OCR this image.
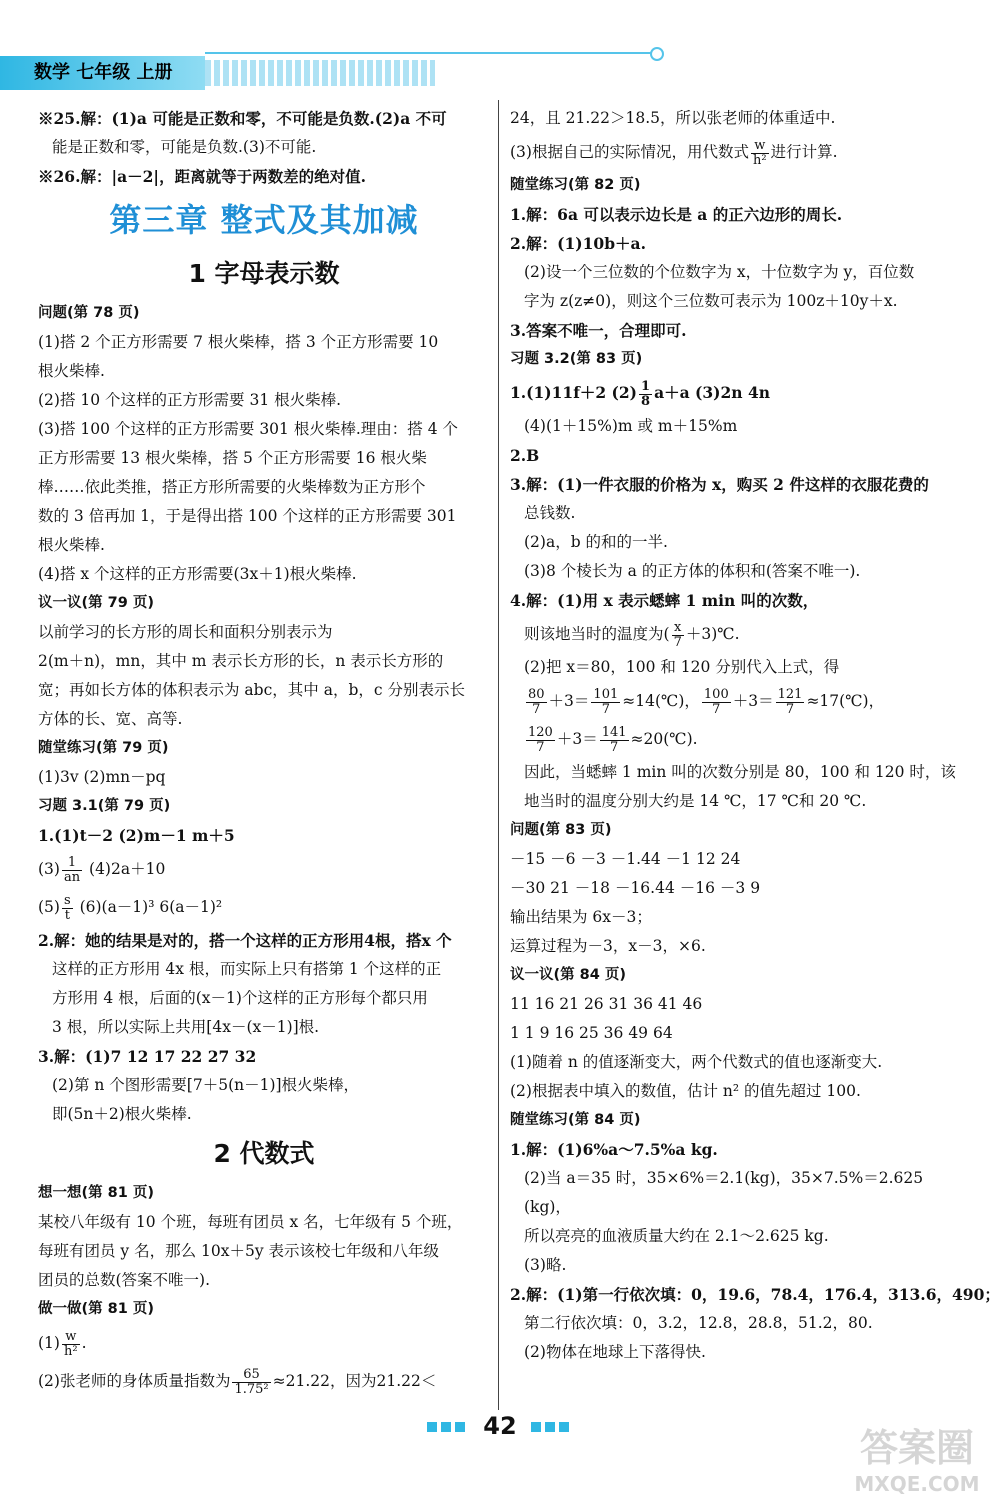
数学 七年级 上册
※25.解：(1)a 可能是正数和零，不可能是负数.(2)a 不可
能是正数和零，可能是负数.(3)不可能.
※26.解：|a－2|，距离就等于两数差的绝对值.
第三章 整式及其加减
1 字母表示数
问题(第 78 页)
(1)搭 2 个正方形需要 7 根火柴棒，搭 3 个正方形需要 10
根火柴棒.
(2)搭 10 个这样的正方形需要 31 根火柴棒.
(3)搭 100 个这样的正方形需要 301 根火柴棒.理由：搭 4 个
正方形需要 13 根火柴棒，搭 5 个正方形需要 16 根火柴
棒……依此类推，搭正方形所需要的火柴棒数为正方形个
数的 3 倍再加 1，于是得出搭 100 个这样的正方形需要 301
根火柴棒.
(4)搭 x 个这样的正方形需要(3x＋1)根火柴棒.
议一议(第 79 页)
以前学习的长方形的周长和面积分别表示为
2(m＋n)，mn，其中 m 表示长方形的长，n 表示长方形的
宽；再如长方体的体积表示为 abc，其中 a，b，c 分别表示长
方体的长、宽、高等.
随堂练习(第 79 页)
(1)3v (2)mn－pq
习题 3.1(第 79 页)
1.(1)t－2 (2)m－1 m＋5
$(3) \frac{1}{an} (4)2a+10$
$(5) \frac{s}{t} (6)(a-1)^3$ 6(a－1)²
2.解：她的结果是对的，搭一个这样的正方形用4根，搭x 个
这样的正方形用 4x 根，而实际上只有搭第 1 个这样的正
方形用 4 根，后面的(x－1)个这样的正方形每个都只用
3 根，所以实际上共用[4x－(x－1)]根.
3.解：(1)7 12 17 22 27 32
(2)第 n 个图形需要[7＋5(n－1)]根火柴棒，
即(5n＋2)根火柴棒.
2 代数式
想一想(第 81 页)
某校八年级有 10 个班，每班有团员 x 名，七年级有 5 个班，
每班有团员 y 名，那么 10x＋5y 表示该校七年级和八年级
团员的总数(答案不唯一).
做一做(第 81 页)
$(1) \frac{w}{\text{h²}}$ .
(2)张老师的身体质量指数为 $\frac{65}{\text{1.75²}} \approx 21.22$，因为21.22＜
24，且 21.22＞18.5，所以张老师的体重适中.
(3)根据自己的实际情况，用代数式 $\frac{w}{\text{h²}}$ 进行计算.
随堂练习(第 82 页)
1.解：6a 可以表示边长是 a 的正六边形的周长.
2.解：(1)10b＋a.
(2)设一个三位数的个位数字为 x，十位数字为 y，百位数
字为 z(z≠0)，则这个三位数可表示为 100z＋10y＋x.
3.答案不唯一，合理即可.
习题 3.2(第 83 页)
1.(1)11f＋2 $(2) \frac{1}{8} a+a$ (3)2n 4n
(4)(1＋15%)m 或 m＋15%m
2.B
3.解：(1)一件衣服的价格为 x，购买 2 件这样的衣服花费的
总钱数.
(2)a，b 的和的一半.
(3)8 个棱长为 a 的正方体的体积和(答案不唯一).
4.解：(1)用 x 表示蟋蟀 1 min 叫的次数，
则该地当时的温度为( $\frac{x}{7}$ ＋3)℃.
(2)把 x＝80，100 和 120 分别代入上式，得
$\frac{80}{7} +3= \frac{101}{7}$ ≈14(℃)， $\frac{100}{7} +3= \frac{121}{7}$ ≈17(℃)，
$\frac{120}{7} +3= \frac{141}{7}$ ≈20(℃).
因此，当蟋蟀 1 min 叫的次数分别是 80，100 和 120 时，该
地当时的温度分别大约是 14 ℃，17 ℃和 20 ℃.
问题(第 83 页)
－15 －6 －3 －1.44 －1 12 24
－30 21 －18 －16.44 －16 －3 9
输出结果为 6x－3；
运算过程为－3，x－3，×6.
议一议(第 84 页)
11 16 21 26 31 36 41 46
1 1 9 16 25 36 49 64
(1)随着 n 的值逐渐变大，两个代数式的值也逐渐变大.
(2)根据表中填入的数值，估计 n² 的值先超过 100.
随堂练习(第 84 页)
1.解：(1)6%a～7.5%a kg.
(2)当 a＝35 时，35×6%＝2.1(kg)，35×7.5%＝2.625
(kg)，
所以亮亮的血液质量大约在 2.1～2.625 kg.
(3)略.
2.解：(1)第一行依次填：0，19.6，78.4，176.4，313.6，490；
第二行依次填：0，3.2，12.8，28.8，51.2，80.
(2)物体在地球上下落得快.
42	答案圈
MXQE.COM
